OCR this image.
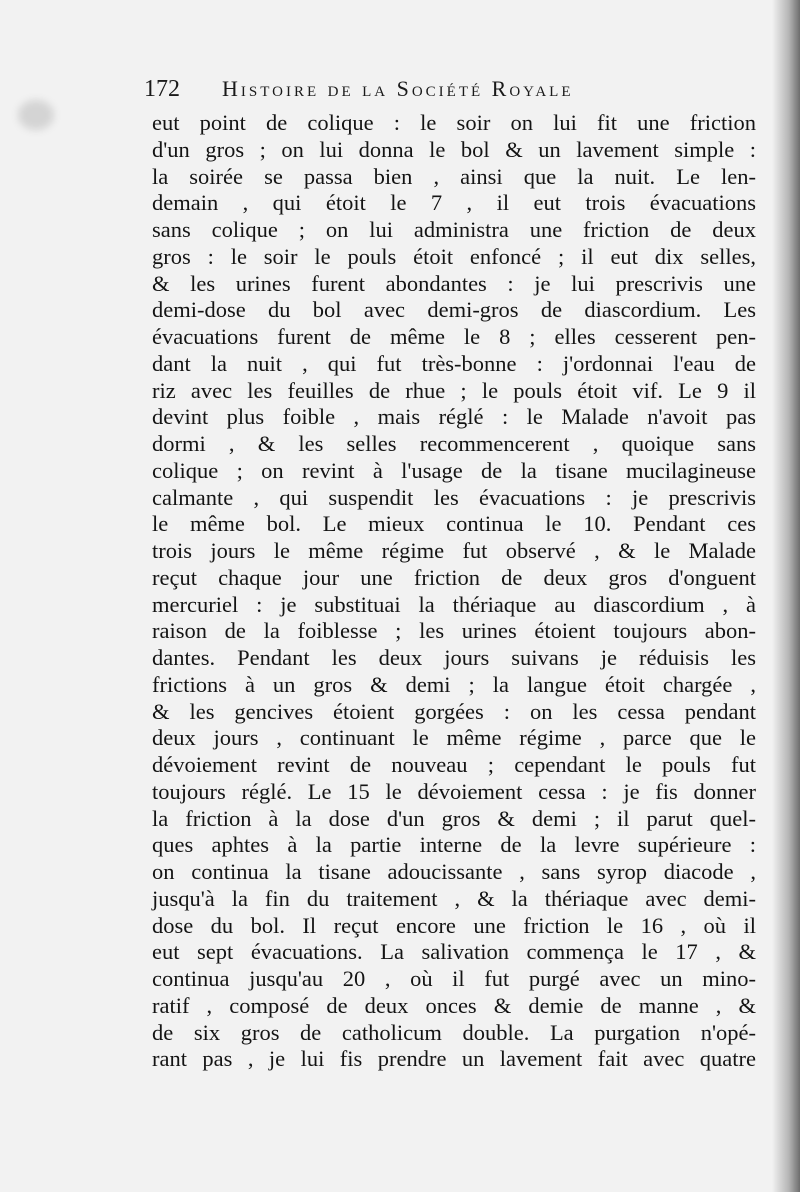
172 Histoire de la Société Royale
eut point de colique : le soir on lui fit une friction
d'un gros ; on lui donna le bol & un lavement simple :
la soirée se passa bien , ainsi que la nuit. Le len-
demain , qui étoit le 7 , il eut trois évacuations
sans colique ; on lui administra une friction de deux
gros : le soir le pouls étoit enfoncé ; il eut dix selles,
& les urines furent abondantes : je lui prescrivis une
demi-dose du bol avec demi-gros de diascordium. Les
évacuations furent de même le 8 ; elles cesserent pen-
dant la nuit , qui fut très-bonne : j'ordonnai l'eau de
riz avec les feuilles de rhue ; le pouls étoit vif. Le 9 il
devint plus foible , mais réglé : le Malade n'avoit pas
dormi , & les selles recommencerent , quoique sans
colique ; on revint à l'usage de la tisane mucilagineuse
calmante , qui suspendit les évacuations : je prescrivis
le même bol. Le mieux continua le 10. Pendant ces
trois jours le même régime fut observé , & le Malade
reçut chaque jour une friction de deux gros d'onguent
mercuriel : je substituai la thériaque au diascordium , à
raison de la foiblesse ; les urines étoient toujours abon-
dantes. Pendant les deux jours suivans je réduisis les
frictions à un gros & demi ; la langue étoit chargée ,
& les gencives étoient gorgées : on les cessa pendant
deux jours , continuant le même régime , parce que le
dévoiement revint de nouveau ; cependant le pouls fut
toujours réglé. Le 15 le dévoiement cessa : je fis donner
la friction à la dose d'un gros & demi ; il parut quel-
ques aphtes à la partie interne de la levre supérieure :
on continua la tisane adoucissante , sans syrop diacode ,
jusqu'à la fin du traitement , & la thériaque avec demi-
dose du bol. Il reçut encore une friction le 16 , où il
eut sept évacuations. La salivation commença le 17 , &
continua jusqu'au 20 , où il fut purgé avec un mino-
ratif , composé de deux onces & demie de manne , &
de six gros de catholicum double. La purgation n'opé-
rant pas , je lui fis prendre un lavement fait avec quatre
